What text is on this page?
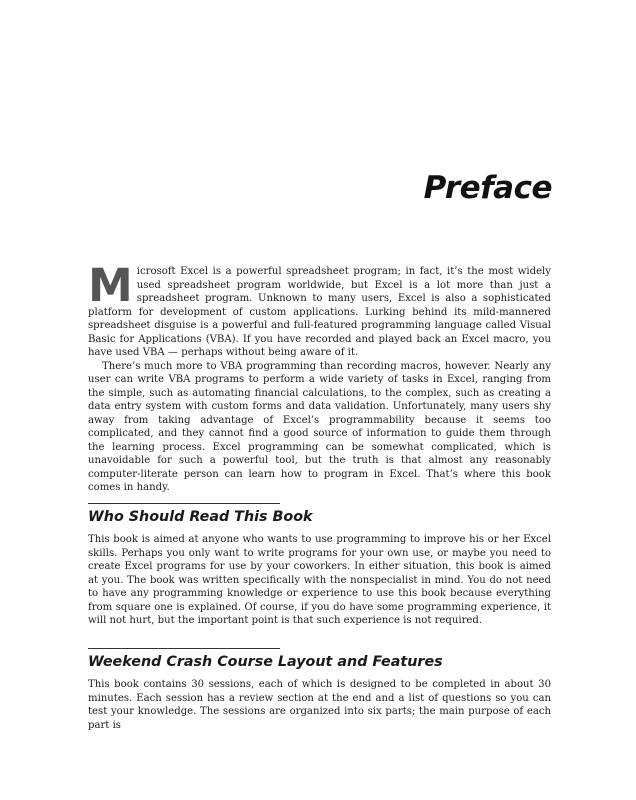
Preface

Microsoft Excel is a powerful spreadsheet program; in fact, it’s the most widely used spreadsheet program worldwide, but Excel is a lot more than just a spreadsheet program. Unknown to many users, Excel is also a sophisticated platform for development of custom applications. Lurking behind its mild-mannered spreadsheet disguise is a powerful and full-featured programming language called Visual Basic for Applications (VBA). If you have recorded and played back an Excel macro, you have used VBA — perhaps without being aware of it.

There’s much more to VBA programming than recording macros, however. Nearly any user can write VBA programs to perform a wide variety of tasks in Excel, ranging from the simple, such as automating financial calculations, to the complex, such as creating a data entry system with custom forms and data validation. Unfortunately, many users shy away from taking advantage of Excel’s programmability because it seems too complicated, and they cannot find a good source of information to guide them through the learning process. Excel programming can be somewhat complicated, which is unavoidable for such a powerful tool, but the truth is that almost any reasonably computer-literate person can learn how to program in Excel. That’s where this book comes in handy.

Who Should Read This Book

This book is aimed at anyone who wants to use programming to improve his or her Excel skills. Perhaps you only want to write programs for your own use, or maybe you need to create Excel programs for use by your coworkers. In either situation, this book is aimed at you. The book was written specifically with the nonspecialist in mind. You do not need to have any programming knowledge or experience to use this book because everything from square one is explained. Of course, if you do have some programming experience, it will not hurt, but the important point is that such experience is not required.

Weekend Crash Course Layout and Features

This book contains 30 sessions, each of which is designed to be completed in about 30 minutes. Each session has a review section at the end and a list of questions so you can test your knowledge. The sessions are organized into six parts; the main purpose of each part is
